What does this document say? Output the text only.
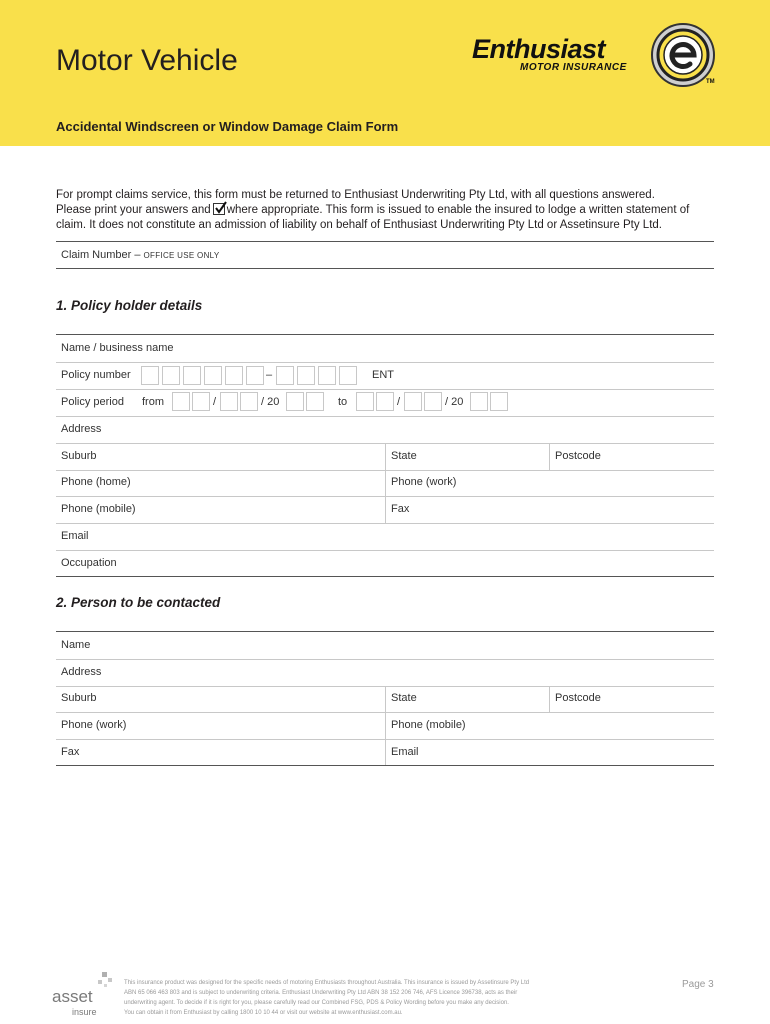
Motor Vehicle
Accidental Windscreen or Window Damage Claim Form
Enthusiast
MOTOR INSURANCE
TM
For prompt claims service, this form must be returned to Enthusiast Underwriting Pty Ltd, with all questions answered.
Please print your answers and where appropriate. This form is issued to enable the insured to lodge a written statement of
claim. It does not constitute an admission of liability on behalf of Enthusiast Underwriting Pty Ltd or Assetinsure Pty Ltd.
Claim Number – OFFICE USE ONLY
1. Policy holder details
Name / business name
Policy number	–	ENT
Policy period from	/	/ 20	to	/	/ 20
Address
Suburb	State	Postcode
Phone (home)	Phone (work)
Phone (mobile)	Fax
Email
Occupation
2. Person to be contacted
Name
Address
Suburb	State	Postcode
Phone (work)	Phone (mobile)
Fax	Email
asset
insure
This insurance product was designed for the specific needs of motoring Enthusiasts throughout Australia. This insurance is issued by Assetinsure Pty Ltd
ABN 65 066 463 803 and is subject to underwriting criteria. Enthusiast Underwriting Pty Ltd ABN 38 152 206 746, AFS Licence 396738, acts as their
underwriting agent. To decide if it is right for you, please carefully read our Combined FSG, PDS & Policy Wording before you make any decision.
You can obtain it from Enthusiast by calling 1800 10 10 44 or visit our website at www.enthusiast.com.au.
Page 3
